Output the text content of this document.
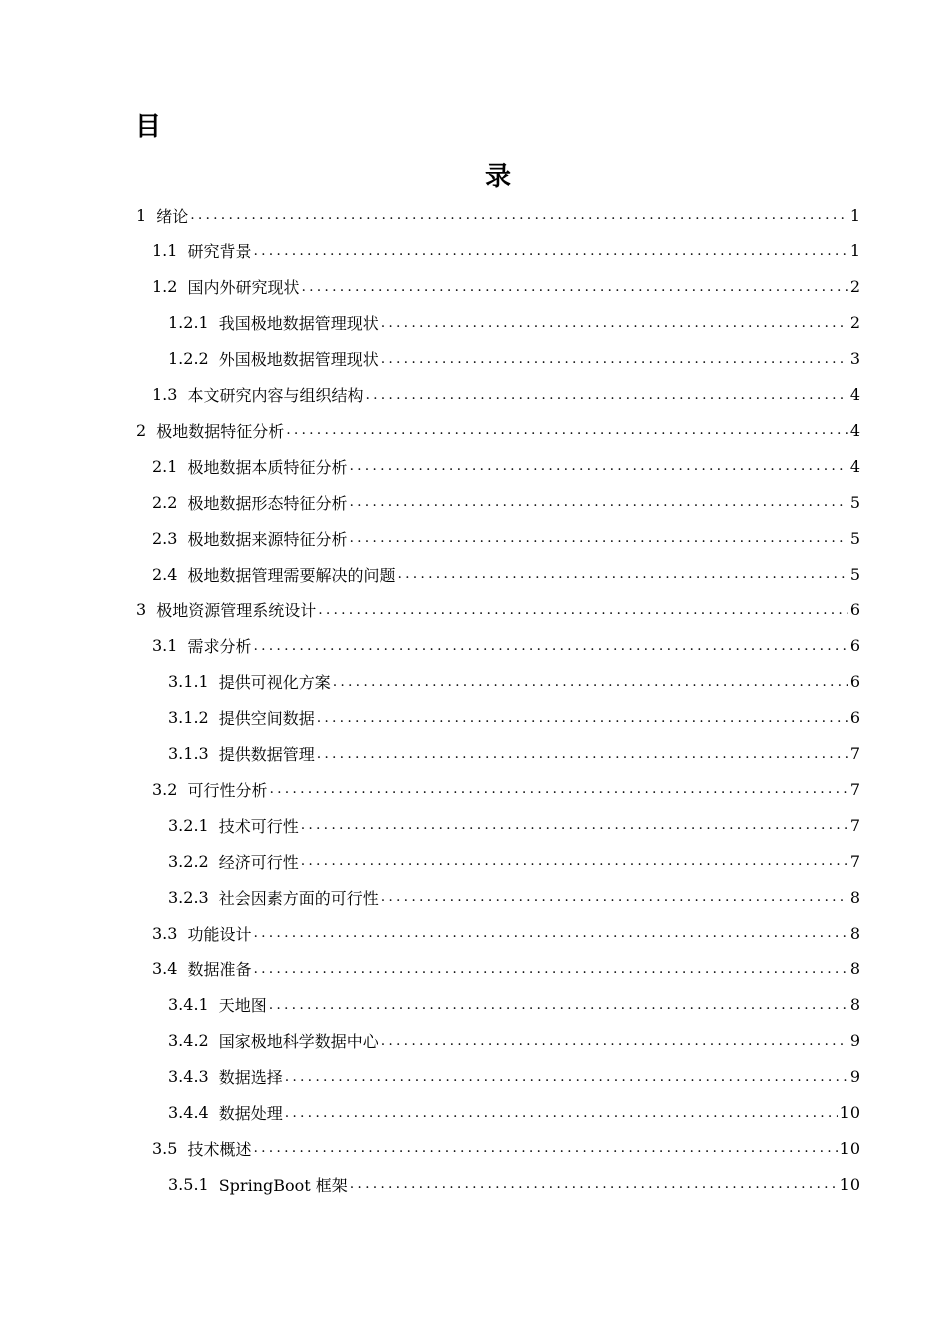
目
录
1 绪论 .....	1
1.1 研究背景 .....	1
1.2 国内外研究现状 .....	2
1.2.1 我国极地数据管理现状 .....	2
1.2.2 外国极地数据管理现状 .....	3
1.3 本文研究内容与组织结构 .....	4
2 极地数据特征分析 .....	4
2.1 极地数据本质特征分析 .....	4
2.2 极地数据形态特征分析 .....	5
2.3 极地数据来源特征分析 .....	5
2.4 极地数据管理需要解决的问题 .....	5
3 极地资源管理系统设计 .....	6
3.1 需求分析 .....	6
3.1.1 提供可视化方案 .....	6
3.1.2 提供空间数据 .....	6
3.1.3 提供数据管理 .....	7
3.2 可行性分析 .....	7
3.2.1 技术可行性 .....	7
3.2.2 经济可行性 .....	7
3.2.3 社会因素方面的可行性 .....	8
3.3 功能设计 .....	8
3.4 数据准备 .....	8
3.4.1 天地图 .....	8
3.4.2 国家极地科学数据中心 .....	9
3.4.3 数据选择 .....	9
3.4.4 数据处理 .....	10
3.5 技术概述 .....	10
3.5.1 SpringBoot 框架 .....	10
